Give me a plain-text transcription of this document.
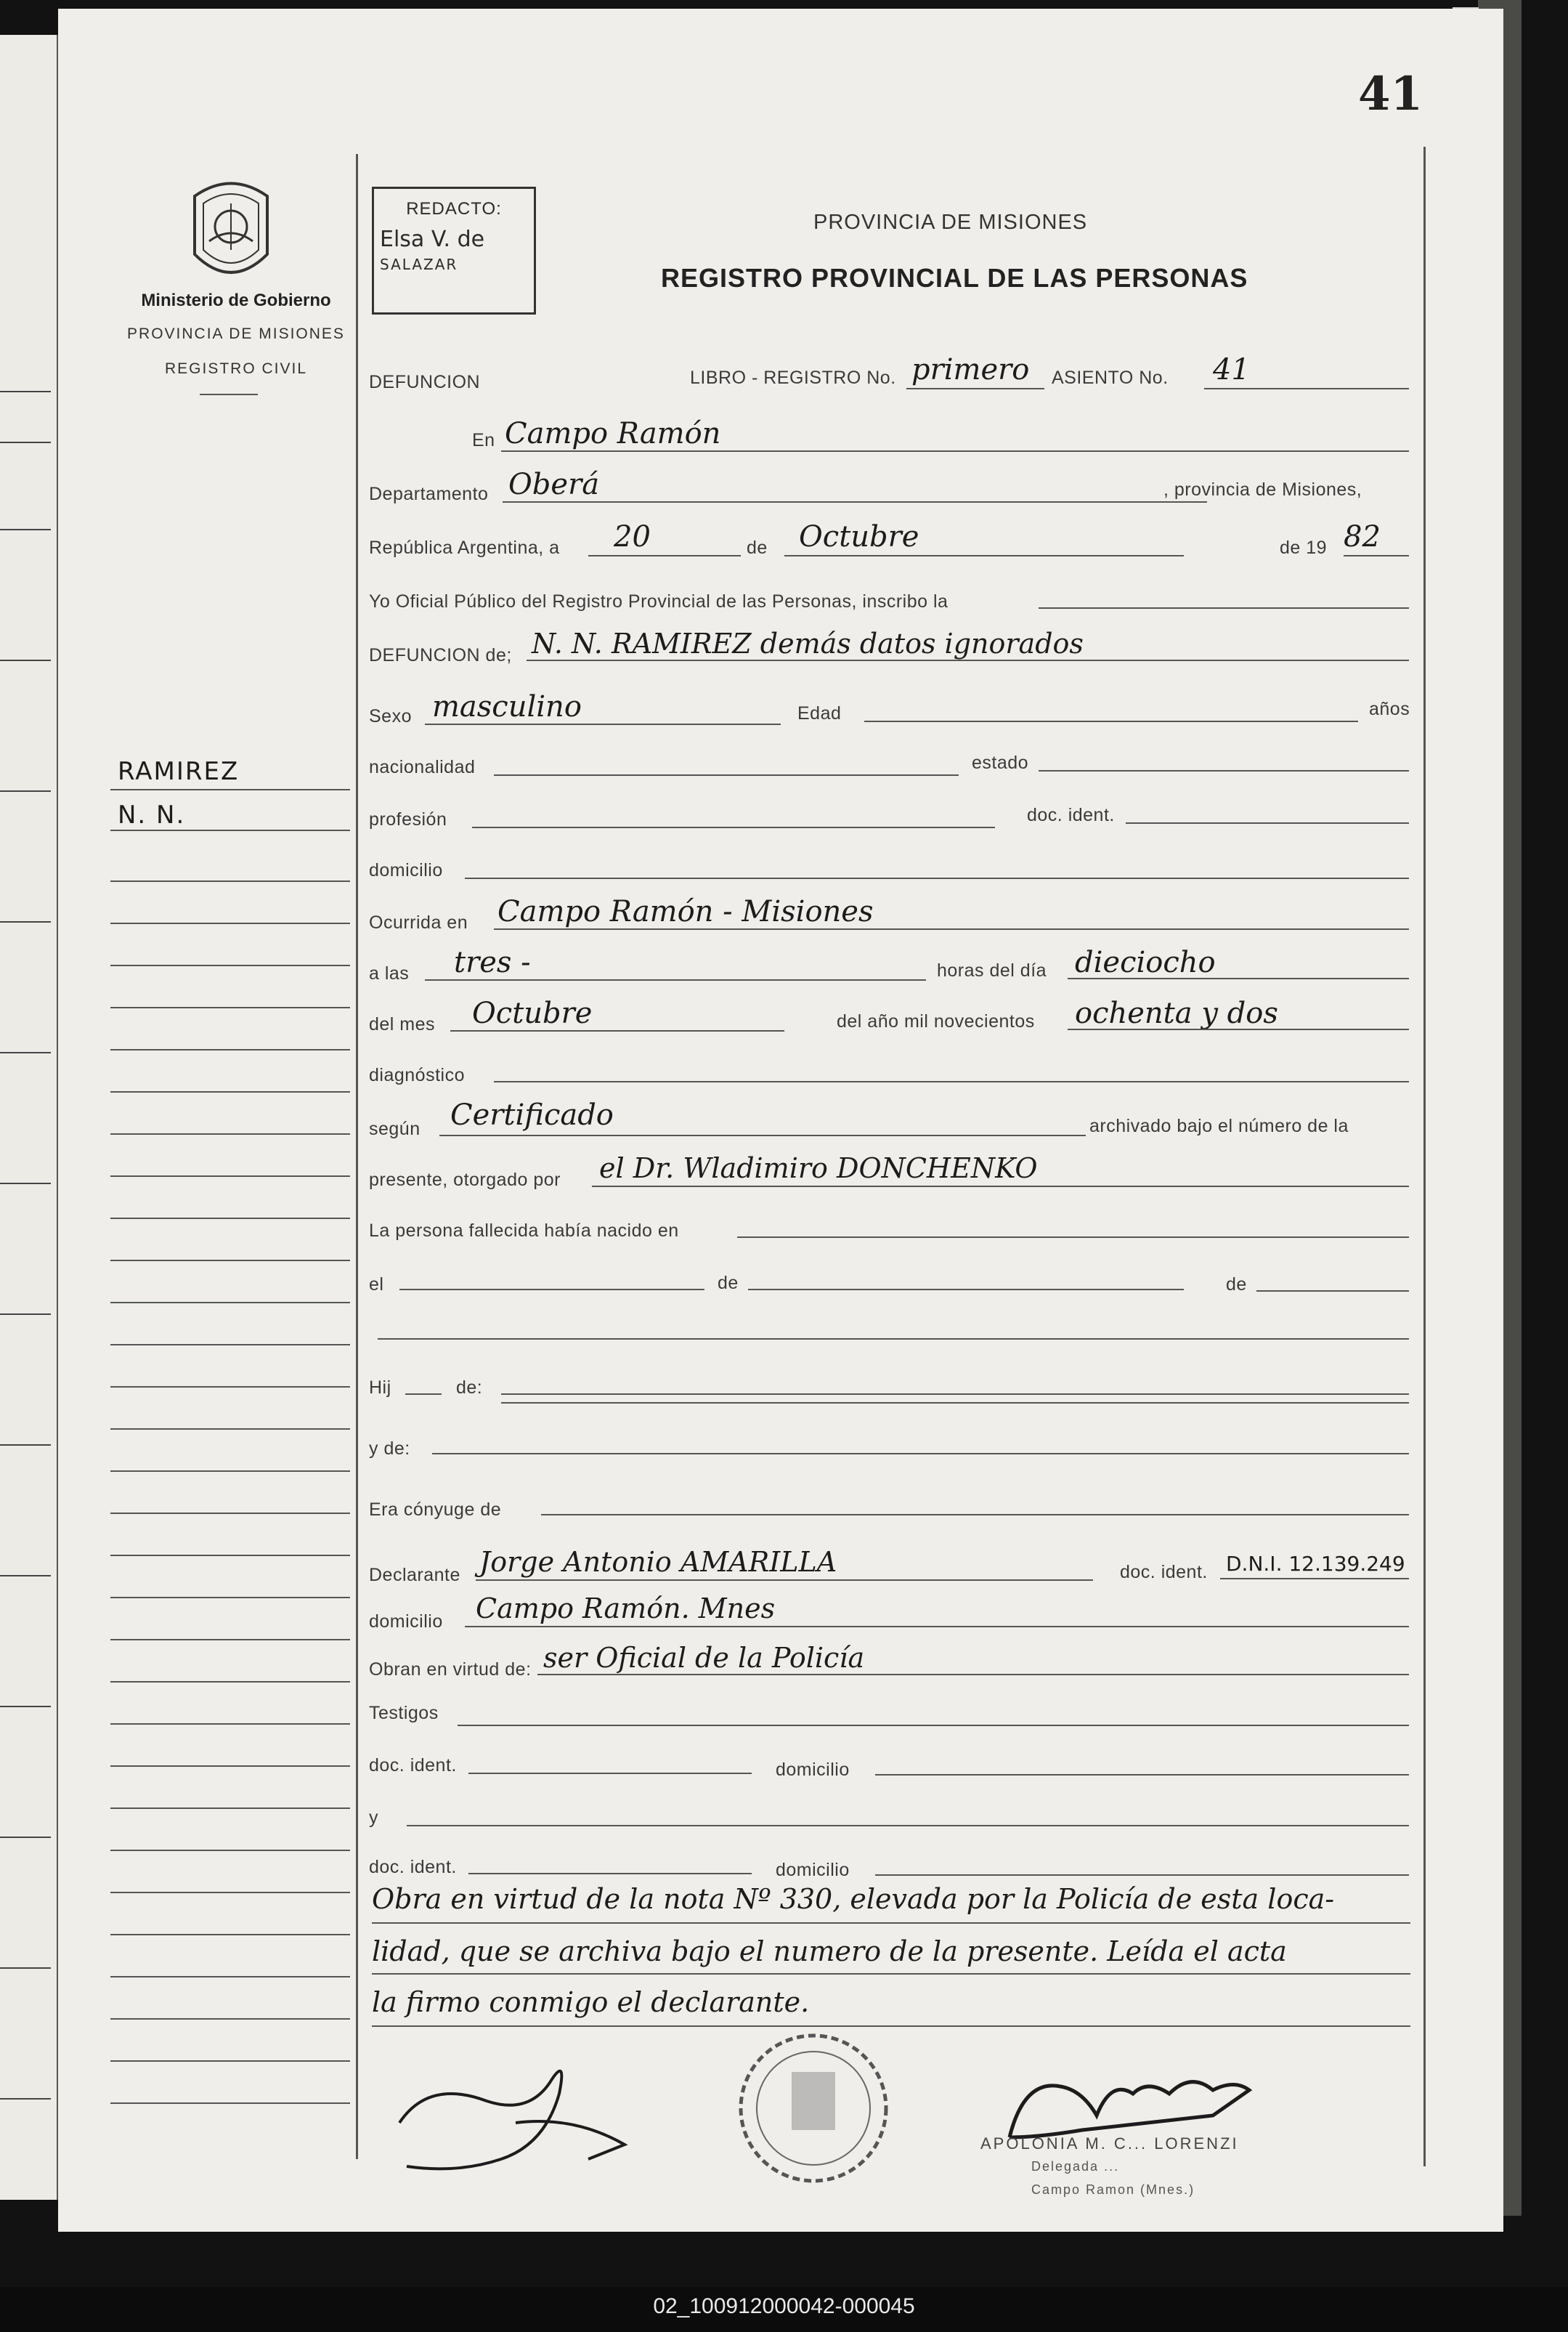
41
Ministerio de Gobierno
PROVINCIA DE MISIONES
REGISTRO CIVIL
RAMIREZ
N. N.
REDACTO:
Elsa V. de
SALAZAR
PROVINCIA DE MISIONES
REGISTRO PROVINCIAL DE LAS PERSONAS
DEFUNCION	LIBRO - REGISTRO No. primero ASIENTO No. 41
En Campo Ramón
Departamento Oberá	, provincia de Misiones,
República Argentina, a 20	de Octubre	de 19 82
Yo Oficial Público del Registro Provincial de las Personas, inscribo la
DEFUNCION de; N. N. RAMIREZ demás datos ignorados
Sexo masculino	Edad	años
nacionalidad	estado
profesión	doc. ident.
domicilio
Ocurrida en Campo Ramón - Misiones
a las tres -	horas del día dieciocho
del mes Octubre	del año mil novecientos ochenta y dos
diagnóstico
según Certificado	archivado bajo el número de la
presente, otorgado por el Dr. Wladimiro DONCHENKO
La persona fallecida había nacido en
el	de	de
Hij	de:
y de:
Era cónyuge de
Declarante Jorge Antonio AMARILLA	doc. ident. D.N.I. 12.139.249
domicilio Campo Ramón. Mnes
Obran en virtud de: ser Oficial de la Policía
Testigos
doc. ident.	domicilio
y
doc. ident.	domicilio
Obra en virtud de la nota Nº 330, elevada por la Policía de esta loca-
lidad, que se archiva bajo el numero de la presente. Leída el acta
la firmo conmigo el declarante.
APOLONIA M. C... LORENZI
Delegada ...
Campo Ramon (Mnes.)
02_100912000042-000045
